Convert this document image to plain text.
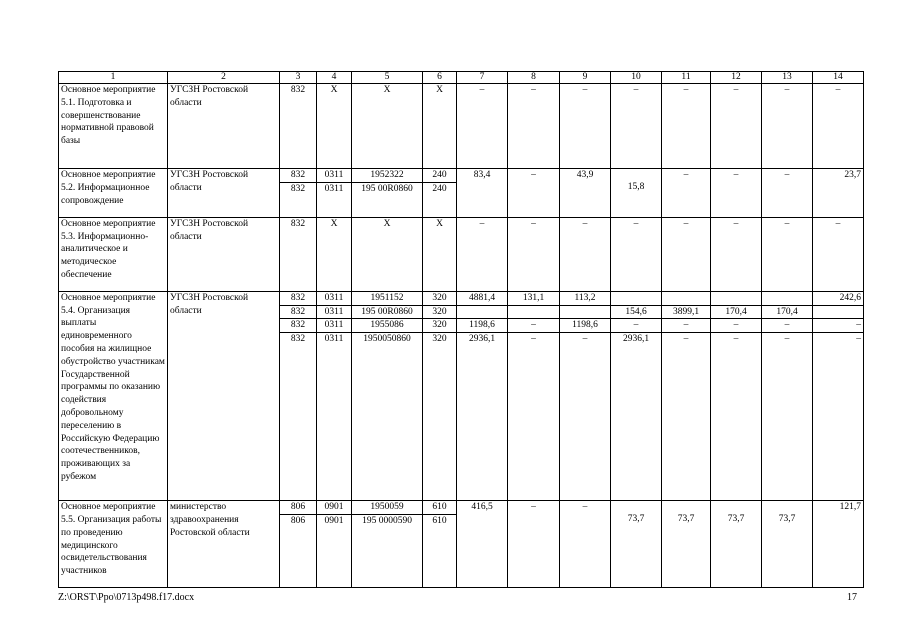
1	2	3	4	5	6	7	8	9	10	11	12	13	14
Основное мероприятие 5.1. Подготовка и совершенствование нормативной правовой базы	УГСЗН Ростовской области	832	Х	Х	Х	–	–	–	–	–	–	–	–
Основное мероприятие 5.2. Информационное сопровождение	УГСЗН Ростовской области	832	0311	1952322	240	83,4	–	43,9	15,8	–	–	–	23,7
		832	0311	195 00R0860	240								
Основное мероприятие 5.3. Информационно-аналитическое и методическое обеспечение	УГСЗН Ростовской области	832	Х	Х	Х	–	–	–	–	–	–	–	–
Основное мероприятие 5.4. Организация выплаты единовременного пособия на жилищное обустройство участникам Государственной программы по оказанию содействия добровольному переселению в Российскую Федерацию соотечественников, проживающих за рубежом	УГСЗН Ростовской области	832	0311	1951152	320	4881,4	131,1	113,2					242,6
		832	0311	195 00R0860	320				154,6	3899,1	170,4	170,4	
		832	0311	1955086	320	1198,6	–	1198,6	–	–	–	–	–
		832	0311	1950050860	320	2936,1	–	–	2936,1	–	–	–	–
Основное мероприятие 5.5. Организация работы по проведению медицинского освидетельствования участников	министерство здравоохранения Ростовской области	806	0901	1950059	610	416,5	–	–	73,7	73,7	73,7	73,7	121,7
		806	0901	195 0000590	610								
Z:\ORST\Ppo\0713p498.f17.docx	17
